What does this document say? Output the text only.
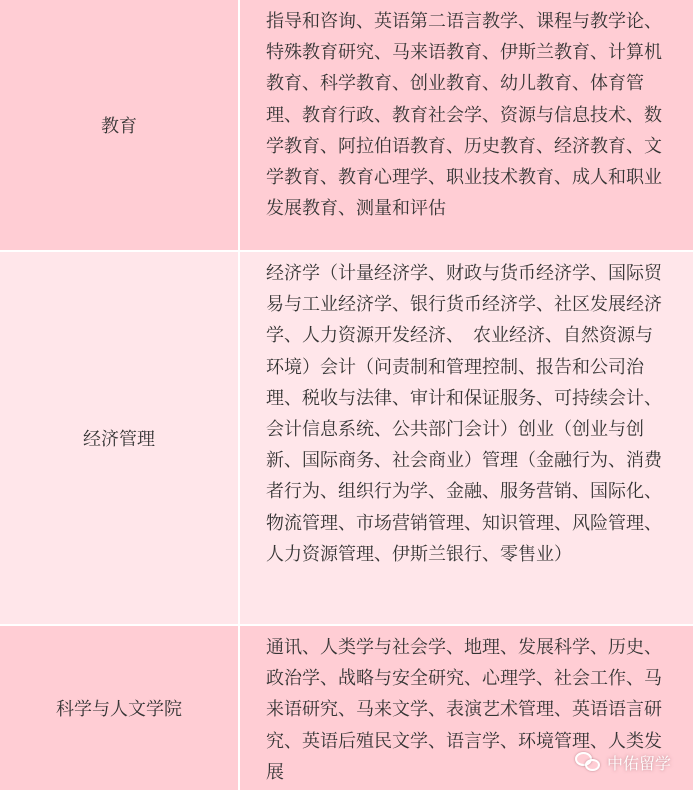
教育
指导和咨询、英语第二语言教学、课程与教学论、特殊教育研究、马来语教育、伊斯兰教育、计算机教育、科学教育、创业教育、幼儿教育、体育管理、教育行政、教育社会学、资源与信息技术、数学教育、阿拉伯语教育、历史教育、经济教育、文学教育、教育心理学、职业技术教育、成人和职业发展教育、测量和评估
经济管理
经济学（计量经济学、财政与货币经济学、国际贸易与工业经济学、银行货币经济学、社区发展经济学、人力资源开发经济、　农业经济、自然资源与环境）会计（问责制和管理控制、报告和公司治理、税收与法律、审计和保证服务、可持续会计、会计信息系统、公共部门会计）创业（创业与创新、国际商务、社会商业）管理（金融行为、消费者行为、组织行为学、金融、服务营销、国际化、物流管理、市场营销管理、知识管理、风险管理、人力资源管理、伊斯兰银行、零售业）
科学与人文学院
通讯、人类学与社会学、地理、发展科学、历史、政治学、战略与安全研究、心理学、社会工作、马来语研究、马来文学、表演艺术管理、英语语言研究、英语后殖民文学、语言学、环境管理、人类发展	中佑留学
